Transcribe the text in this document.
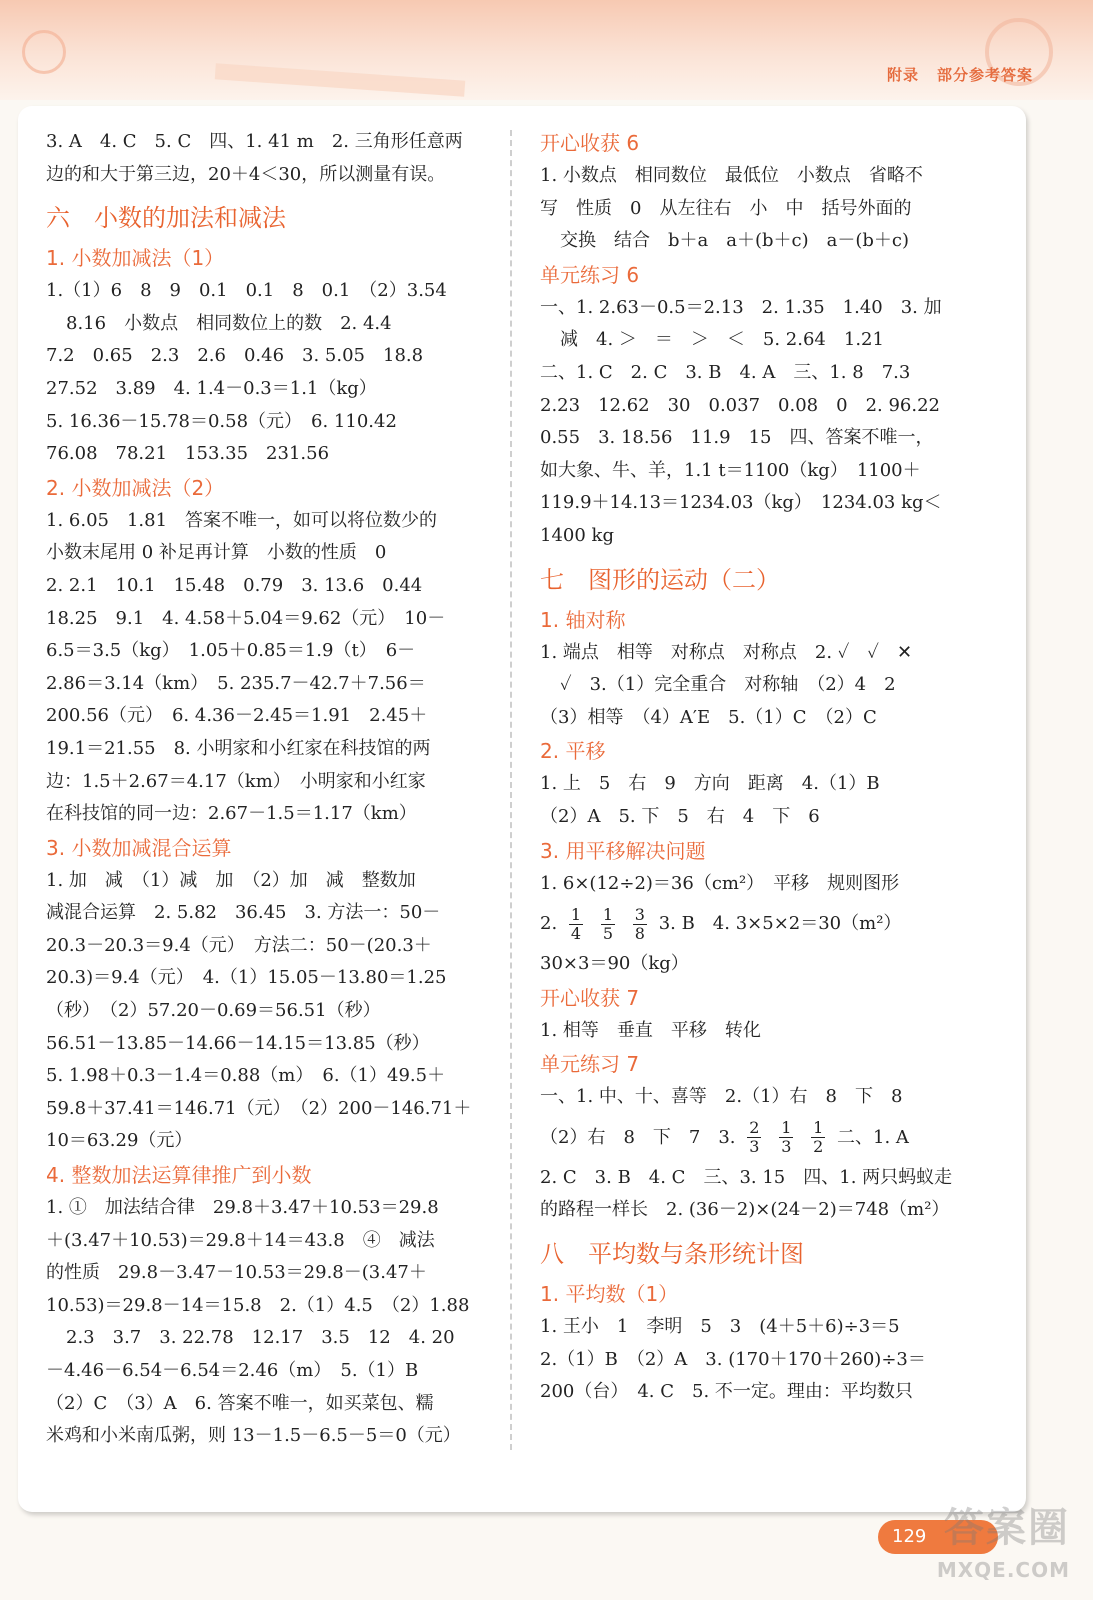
附录 部分参考答案
3. A　4. C　5. C　四、1. 41 m　2. 三角形任意两
边的和大于第三边，20＋4＜30，所以测量有误。
六　小数的加法和减法
1. 小数加减法（1）
1.（1）6　8　9　0.1　0.1　8　0.1　（2）3.54
8.16　小数点　相同数位上的数　2. 4.4
7.2　0.65　2.3　2.6　0.46　3. 5.05　18.8
27.52　3.89　4. 1.4－0.3＝1.1（kg）
5. 16.36－15.78＝0.58（元）　6. 110.42
76.08　78.21　153.35　231.56
2. 小数加减法（2）
1. 6.05　1.81　答案不唯一，如可以将位数少的
小数末尾用 0 补足再计算　小数的性质　0
2. 2.1　10.1　15.48　0.79　3. 13.6　0.44
18.25　9.1　4. 4.58＋5.04＝9.62（元）　10－
6.5＝3.5（kg）　1.05＋0.85＝1.9（t）　6－
2.86＝3.14（km）　5. 235.7－42.7＋7.56＝
200.56（元）　6. 4.36－2.45＝1.91　2.45＋
19.1＝21.55　8. 小明家和小红家在科技馆的两
边：1.5＋2.67＝4.17（km）　小明家和小红家
在科技馆的同一边：2.67－1.5＝1.17（km）
3. 小数加减混合运算
1. 加　减　（1）减　加　（2）加　减　整数加
减混合运算　2. 5.82　36.45　3. 方法一：50－
20.3－20.3＝9.4（元）　方法二：50－(20.3＋
20.3)＝9.4（元）　4.（1）15.05－13.80＝1.25
（秒）　（2）57.20－0.69＝56.51（秒）
56.51－13.85－14.66－14.15＝13.85（秒）
5. 1.98＋0.3－1.4＝0.88（m）　6.（1）49.5＋
59.8＋37.41＝146.71（元）　（2）200－146.71＋
10＝63.29（元）
4. 整数加法运算律推广到小数
1. ①　加法结合律　29.8＋3.47＋10.53＝29.8
＋(3.47＋10.53)＝29.8＋14＝43.8　④　减法
的性质　29.8－3.47－10.53＝29.8－(3.47＋
10.53)＝29.8－14＝15.8　2.（1）4.5　（2）1.88
2.3　3.7　3. 22.78　12.17　3.5　12　4. 20
－4.46－6.54－6.54＝2.46（m）　5.（1）B
（2）C　（3）A　6. 答案不唯一，如买菜包、糯
米鸡和小米南瓜粥，则 13－1.5－6.5－5＝0（元）
开心收获 6
1. 小数点　相同数位　最低位　小数点　省略不
写　性质　0　从左往右　小　中　括号外面的
交换　结合　b＋a　a＋(b＋c)　a－(b＋c)
单元练习 6
一、1. 2.63－0.5＝2.13　2. 1.35　1.40　3. 加
减　4. ＞　＝　＞　＜　5. 2.64　1.21
二、1. C　2. C　3. B　4. A　三、1. 8　7.3
2.23　12.62　30　0.037　0.08　0　2. 96.22
0.55　3. 18.56　11.9　15　四、答案不唯一，
如大象、牛、羊，1.1 t＝1100（kg）　1100＋
119.9＋14.13＝1234.03（kg）　1234.03 kg＜
1400 kg
七　图形的运动（二）
1. 轴对称
1. 端点　相等　对称点　对称点　2. ✓　✓　✕
✓　3.（1）完全重合　对称轴　（2）4　2
（3）相等　（4）A′E　5.（1）C　（2）C
2. 平移
1. 上　5　右　9　方向　距离　4.（1）B
（2）A　5. 下　5　右　4　下　6
3. 用平移解决问题
1. 6×(12÷2)＝36（cm²）　平移　规则图形
2. $\frac{1}{4}$
$\frac{1}{5}$
$\frac{3}{8} 3$. B　4. 3×5×2＝30（m²）
30×3＝90（kg）
开心收获 7
1. 相等　垂直　平移　转化
单元练习 7
一、1. 中、十、喜等　2.（1）右　8　下　8
（2）右　8　下　7　3. $\frac{2}{3}$
$\frac{1}{3}$
$\frac{1}{2}$ 二、1. A
2. C　3. B　4. C　三、3. 15　四、1. 两只蚂蚁走
的路程一样长　2. (36－2)×(24－2)＝748（m²）
八　平均数与条形统计图
1. 平均数（1）
1. 王小　1　李明　5　3　(4＋5＋6)÷3＝5
2.（1）B　（2）A　3. (170＋170＋260)÷3＝
200（台）　4. C　5. 不一定。理由：平均数只
129 答案圈
MXQE.COM
